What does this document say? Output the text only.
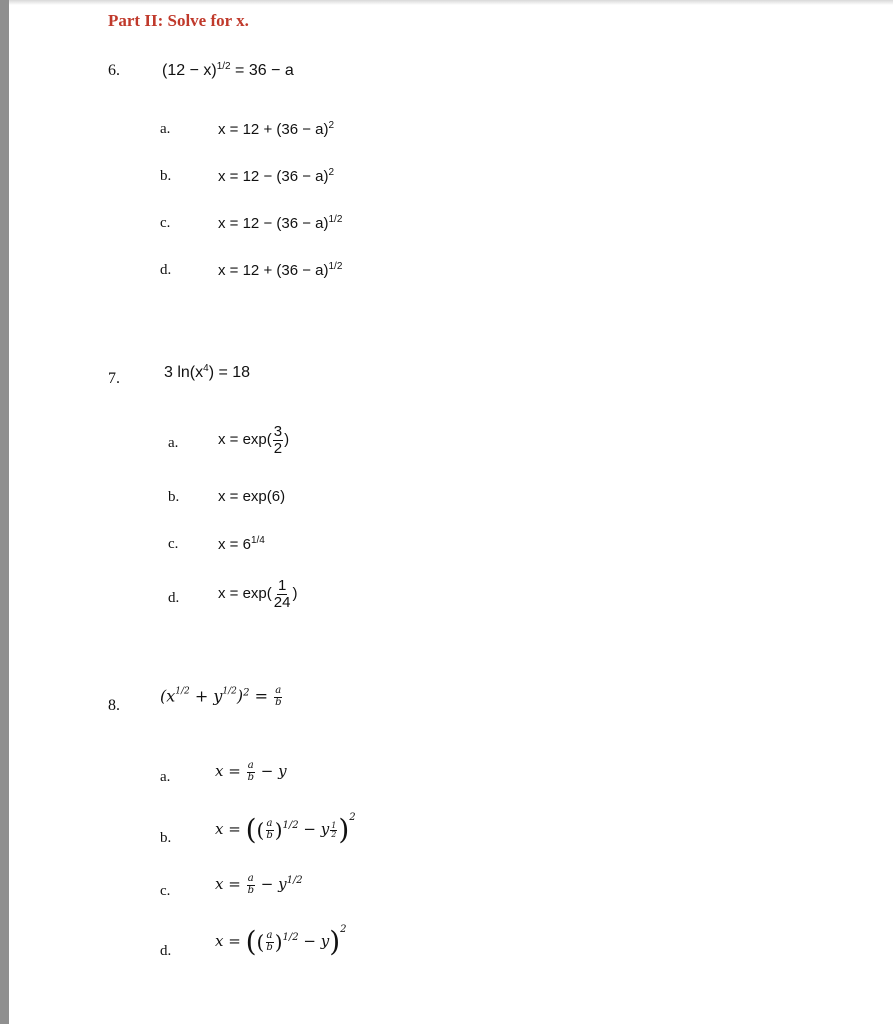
Part II: Solve for x.
6.	$(12 - x)^{1/2} = 36 - a$
a.	$x = 12 + (36 - a)^2$
b.	$x = 12 - (36 - a)^2$
c.	$x = 12 - (36 - a)^{1/2}$
d.	$x = 12 + (36 - a)^{1/2}$
7.	3 $\ln(x^4) = 18$
a.	$x = \exp( \frac{3}{2}$ )
b.	x = exp(6)
c.	$x = 6^{1/4}$
d.	$x = \exp( \frac{1}{24}$ )
8.	$(x^{1/2} + y^{1/2})^2 = \frac{a}{b}$
a.	$x = \frac{a}{b} - y$
b.	x = (( $\frac{a}{b} )^{1/2} - y \frac{1}{2} )^2$
c.	$x = \frac{a}{b} - y^{1/2}$
d.
x = (( $\frac{a}{b} )^{1/2} - y)^2$
